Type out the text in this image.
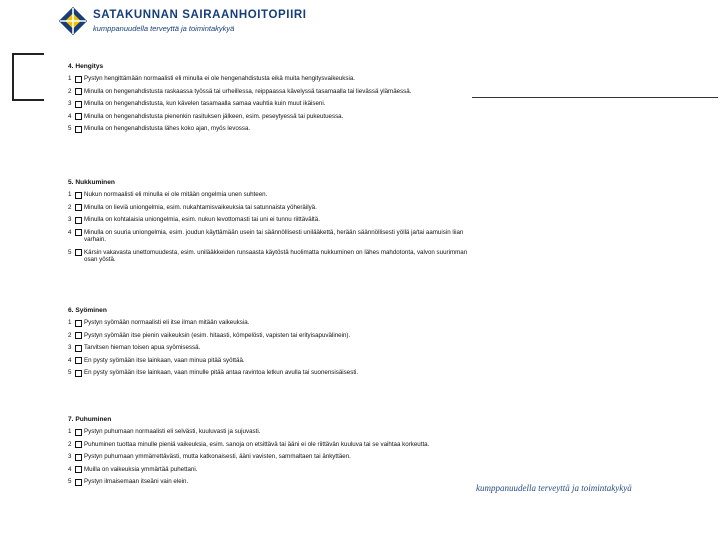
SATAKUNNAN SAIRAANHOITOPIIRI
kumppanuudella terveyttä ja toimintakykyä
4. Hengitys
1	Pystyn hengittämään normaalisti eli minulla ei ole hengenahdistusta eikä muita hengitysvaikeuksia.
2	Minulla on hengenahdistusta raskaassa työssä tai urheillessa, reippaassa kävelyssä tasamaalla tai lievässä ylämäessä.
3	Minulla on hengenahdistusta, kun kävelen tasamaalla samaa vauhtia kuin muut ikäiseni.
4	Minulla on hengenahdistusta pienenkin rasituksen jälkeen, esim. peseytyessä tai pukeutuessa.
5	Minulla on hengenahdistusta lähes koko ajan, myös levossa.
5. Nukkuminen
1	Nukun normaalisti eli minulla ei ole mitään ongelmia unen suhteen.
2	Minulla on lieviä uniongelmia, esim. nukahtamisvaikeuksia tai satunnaista yöheräilyä.
3	Minulla on kohtalaisia uniongelmia, esim. nukun levottomasti tai uni ei tunnu riittävältä.
4	Minulla on suuria uniongelmia, esim. joudun käyttämään usein tai säännöllisesti unilääkettä, herään säännöllisesti yöllä ja/tai aamuisin liian varhain.
5	Kärsin vakavasta unettomuudesta, esim. unilääkkeiden runsaasta käytöstä huolimatta nukkuminen on lähes mahdotonta, valvon suurimman osan yöstä.
6. Syöminen
1	Pystyn syömään normaalisti eli itse ilman mitään vaikeuksia.
2	Pystyn syömään itse pienin vaikeuksin (esim. hitaasti, kömpelösti, vapisten tai erityisapuvälinein).
3	Tarvitsen hieman toisen apua syömisessä.
4	En pysty syömään itse lainkaan, vaan minua pitää syöttää.
5	En pysty syömään itse lainkaan, vaan minulle pitää antaa ravintoa letkun avulla tai suonensisäisesti.
7. Puhuminen
1	Pystyn puhumaan normaalisti eli selvästi, kuuluvasti ja sujuvasti.
2	Puhuminen tuottaa minulle pieniä vaikeuksia, esim. sanoja on etsittävä tai ääni ei ole riittävän kuuluva tai se vaihtaa korkeutta.
3	Pystyn puhumaan ymmärrettävästi, mutta katkonaisesti, ääni vavisten, sammaltaen tai änkyttäen.
4	Muilla on vaikeuksia ymmärtää puhettani.
5	Pystyn ilmaisemaan itseäni vain elein.
kumppanuudella terveyttä ja toimintakykyä
